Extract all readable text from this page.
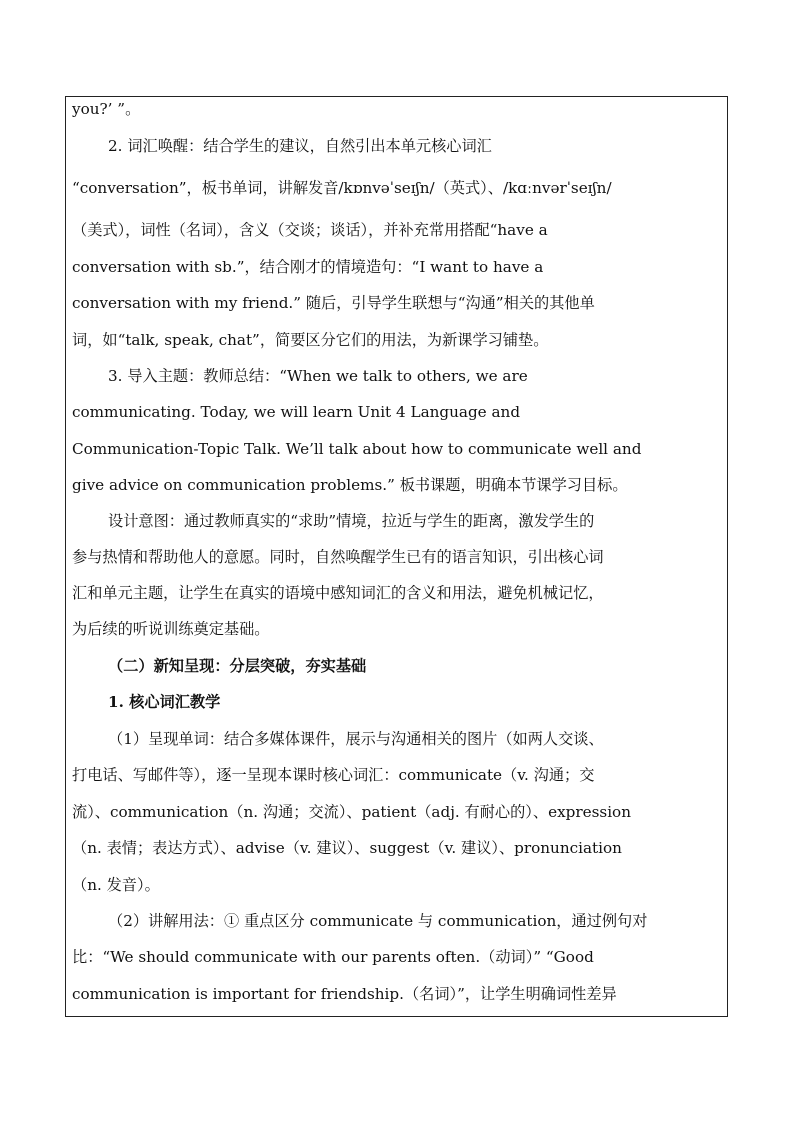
you?’ ”。
2. 词汇唤醒：结合学生的建议，自然引出本单元核心词汇
“conversation”，板书单词，讲解发音/kɒnvəˈseɪʃn/（英式）、/kɑːnvərˈseɪʃn/
（美式），词性（名词），含义（交谈；谈话），并补充常用搭配“have a
conversation with sb.”，结合刚才的情境造句：“I want to have a
conversation with my friend.” 随后，引导学生联想与“沟通”相关的其他单
词，如“talk, speak, chat”，简要区分它们的用法，为新课学习铺垫。
3. 导入主题：教师总结：“When we talk to others, we are
communicating. Today, we will learn Unit 4 Language and
Communication-Topic Talk. We’ll talk about how to communicate well and
give advice on communication problems.” 板书课题，明确本节课学习目标。
设计意图：通过教师真实的“求助”情境，拉近与学生的距离，激发学生的
参与热情和帮助他人的意愿。同时，自然唤醒学生已有的语言知识，引出核心词
汇和单元主题，让学生在真实的语境中感知词汇的含义和用法，避免机械记忆，
为后续的听说训练奠定基础。
（二）新知呈现：分层突破，夯实基础
1. 核心词汇教学
（1）呈现单词：结合多媒体课件，展示与沟通相关的图片（如两人交谈、
打电话、写邮件等），逐一呈现本课时核心词汇：communicate（v. 沟通；交
流）、communication（n. 沟通；交流）、patient（adj. 有耐心的）、expression
（n. 表情；表达方式）、advise（v. 建议）、suggest（v. 建议）、pronunciation
（n. 发音）。
（2）讲解用法：① 重点区分 communicate 与 communication，通过例句对
比：“We should communicate with our parents often.（动词）” “Good
communication is important for friendship.（名词）”，让学生明确词性差异
